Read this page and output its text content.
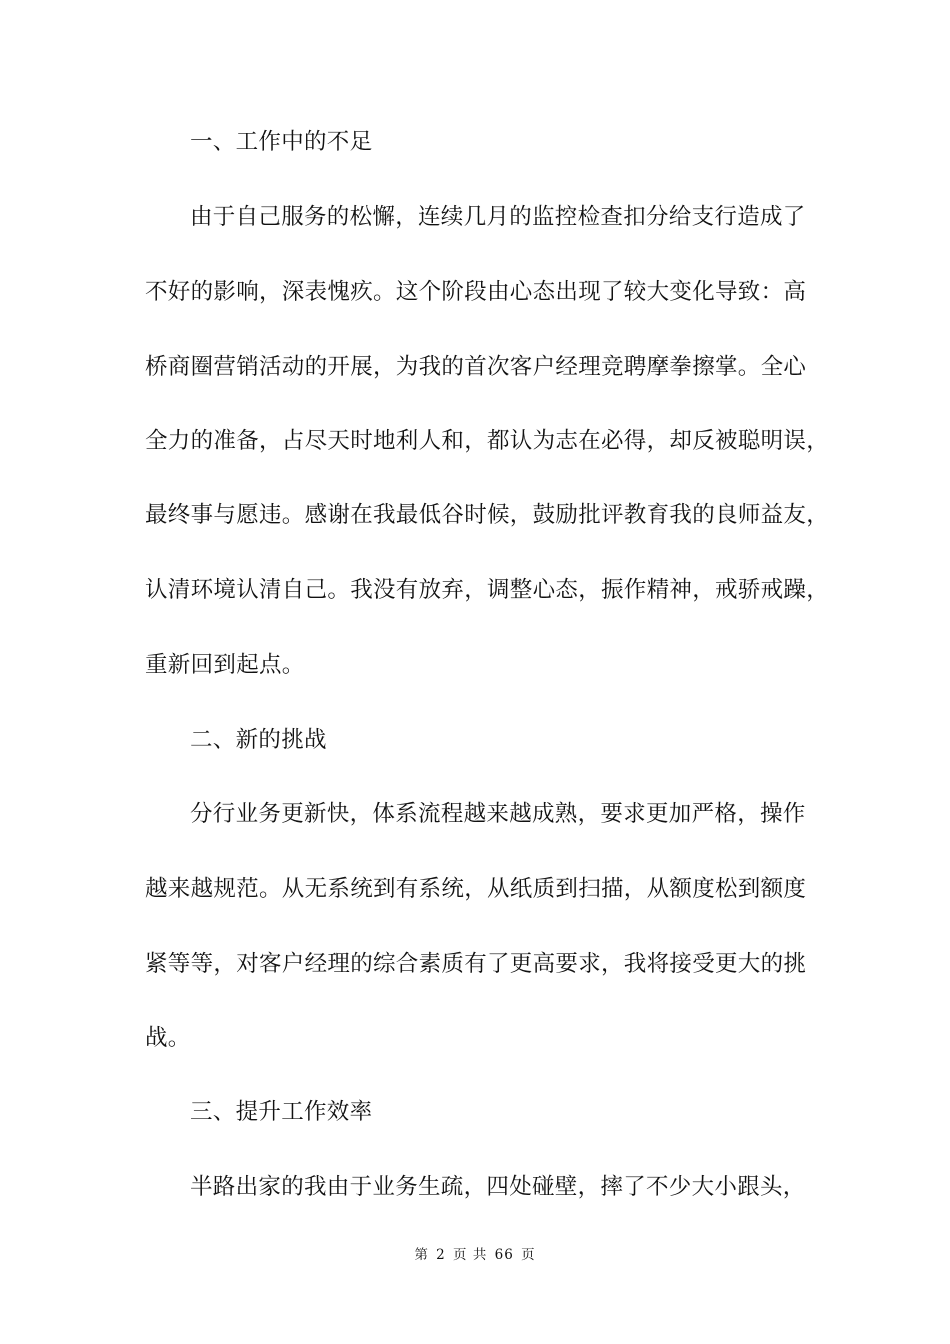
一、工作中的不足
由于自己服务的松懈，连续几月的监控检查扣分给支行造成了
不好的影响，深表愧疚。这个阶段由心态出现了较大变化导致：高
桥商圈营销活动的开展，为我的首次客户经理竞聘摩拳擦掌。全心
全力的准备，占尽天时地利人和，都认为志在必得，却反被聪明误，
最终事与愿违。感谢在我最低谷时候，鼓励批评教育我的良师益友，
认清环境认清自己。我没有放弃，调整心态，振作精神，戒骄戒躁，
重新回到起点。
二、新的挑战
分行业务更新快，体系流程越来越成熟，要求更加严格，操作
越来越规范。从无系统到有系统，从纸质到扫描，从额度松到额度
紧等等，对客户经理的综合素质有了更高要求，我将接受更大的挑
战。
三、提升工作效率
半路出家的我由于业务生疏，四处碰壁，摔了不少大小跟头，
第 2 页 共 66 页
